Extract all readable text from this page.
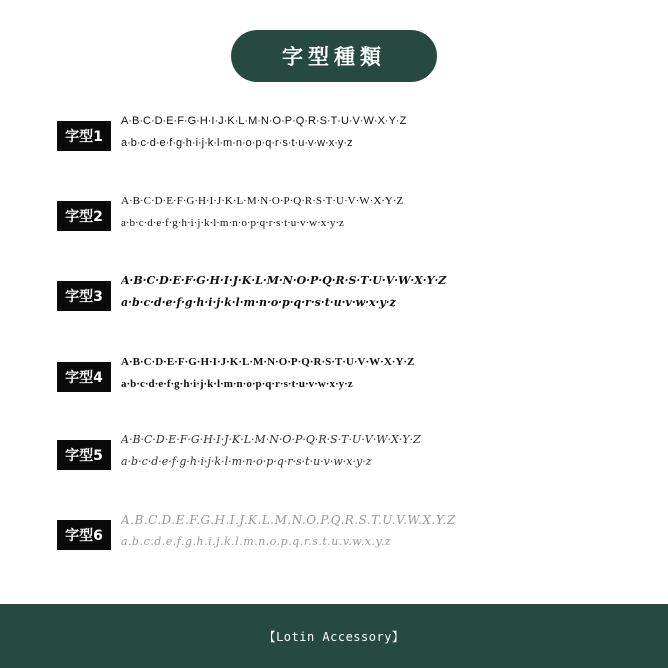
字型種類
字型1
A·B·C·D·E·F·G·H·I·J·K·L·M·N·O·P·Q·R·S·T·U·V·W·X·Y·Z
a·b·c·d·e·f·g·h·i·j·k·l·m·n·o·p·q·r·s·t·u·v·w·x·y·z
字型2
A·B·C·D·E·F·G·H·I·J·K·L·M·N·O·P·Q·R·S·T·U·V·W·X·Y·Z
a·b·c·d·e·f·g·h·i·j·k·l·m·n·o·p·q·r·s·t·u·v·w·x·y·z
字型3
A·B·C·D·E·F·G·H·I·J·K·L·M·N·O·P·Q·R·S·T·U·V·W·X·Y·Z
a·b·c·d·e·f·g·h·i·j·k·l·m·n·o·p·q·r·s·t·u·v·w·x·y·z
字型4
A·B·C·D·E·F·G·H·I·J·K·L·M·N·O·P·Q·R·S·T·U·V·W·X·Y·Z
a·b·c·d·e·f·g·h·i·j·k·l·m·n·o·p·q·r·s·t·u·v·w·x·y·z
字型5
A·B·C·D·E·F·G·H·I·J·K·L·M·N·O·P·Q·R·S·T·U·V·W·X·Y·Z
a·b·c·d·e·f·g·h·i·j·k·l·m·n·o·p·q·r·s·t·u·v·w·x·y·z
字型6
A.B.C.D.E.F.G.H.I.J.K.L.M.N.O.P.Q.R.S.T.U.V.W.X.Y.Z
a.b.c.d.e.f.g.h.i.j.k.l.m.n.o.p.q.r.s.t.u.v.w.x.y.z
【Lotin Accessory】
